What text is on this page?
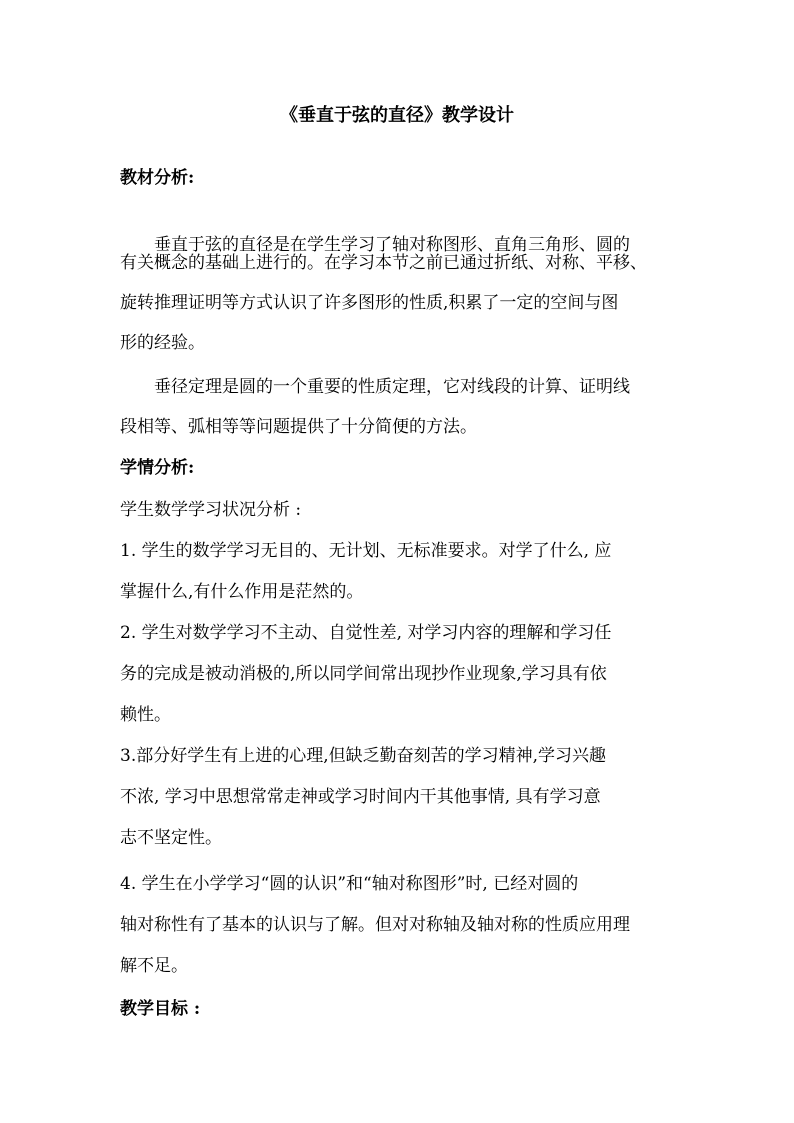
《垂直于弦的直径》教学设计
教材分析:
垂直于弦的直径是在学生学习了轴对称图形、直角三角形、圆的
有关概念的基础上进行的。在学习本节之前已通过折纸、对称、平移、
旋转推理证明等方式认识了许多图形的性质,积累了一定的空间与图
形的经验。
垂径定理是圆的一个重要的性质定理，它对线段的计算、证明线
段相等、弧相等等问题提供了十分简便的方法。
学情分析:
学生数学学习状况分析 :
1. 学生的数学学习无目的、无计划、无标准要求。对学了什么, 应
掌握什么,有什么作用是茫然的。
2. 学生对数学学习不主动、自觉性差, 对学习内容的理解和学习任
务的完成是被动消极的,所以同学间常出现抄作业现象,学习具有依
赖性。
3.部分好学生有上进的心理,但缺乏勤奋刻苦的学习精神,学习兴趣
不浓, 学习中思想常常走神或学习时间内干其他事情, 具有学习意
志不坚定性。
4. 学生在小学学习“圆的认识”和“轴对称图形”时, 已经对圆的
轴对称性有了基本的认识与了解。但对对称轴及轴对称的性质应用理
解不足。
教学目标 :
